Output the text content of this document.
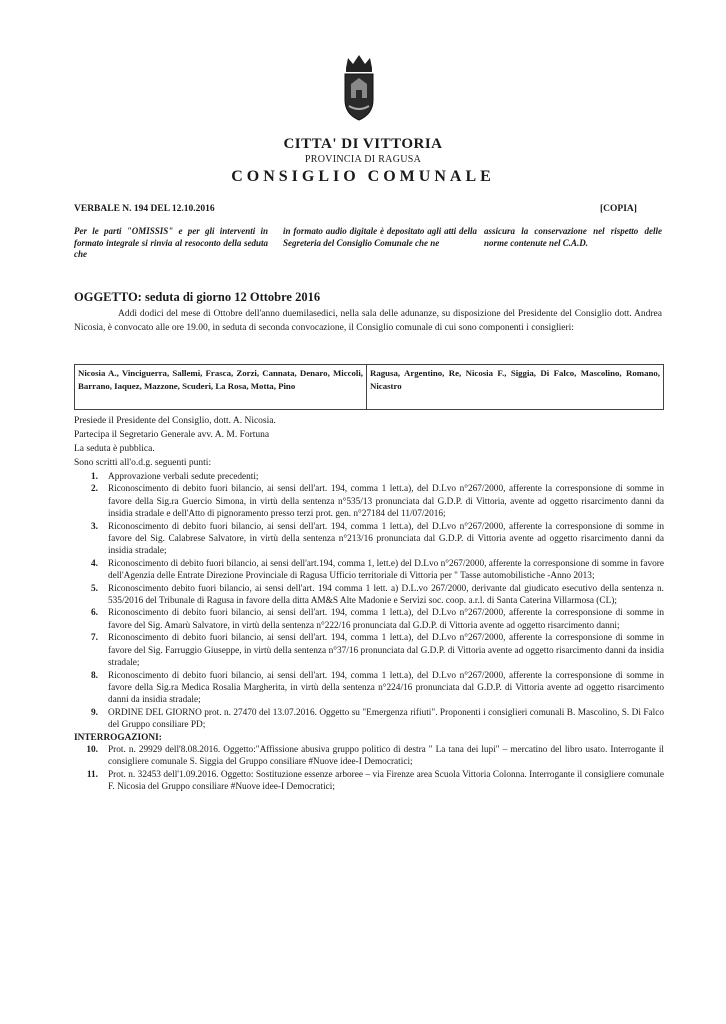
CITTA' DI VITTORIA
PROVINCIA DI RAGUSA
CONSIGLIO COMUNALE
VERBALE N. 194 DEL 12.10.2016	[COPIA]
Per le parti "OMISSIS" e per gli interventi in formato integrale si rinvia al resoconto della seduta che
in formato audio digitale è depositato agli atti della Segreteria del Consiglio Comunale che ne
assicura la conservazione nel rispetto delle norme contenute nel C.A.D.
OGGETTO: seduta di giorno 12 Ottobre 2016
Addì dodici del mese di Ottobre dell'anno duemilasedici, nella sala delle adunanze, su disposizione del Presidente del Consiglio dott. Andrea Nicosia, è convocato alle ore 19.00, in seduta di seconda convocazione, il Consiglio comunale di cui sono componenti i consiglieri:
Nicosia A., Vinciguerra, Sallemi, Frasca, Zorzi, Cannata, Denaro, Miccoli, Barrano, Iaquez, Mazzone, Scuderi, La Rosa, Motta, Pino
Ragusa, Argentino, Re, Nicosia F., Siggia, Di Falco, Mascolino, Romano, Nicastro
Presiede il Presidente del Consiglio, dott. A. Nicosia.
Partecipa il Segretario Generale avv. A. M. Fortuna
La seduta è pubblica.
Sono scritti all'o.d.g. seguenti punti:
1.	Approvazione verbali sedute precedenti;
2.	Riconoscimento di debito fuori bilancio, ai sensi dell'art. 194, comma 1 lett.a), del D.Lvo n°267/2000, afferente la corresponsione di somme in favore della Sig.ra Guercio Simona, in virtù della sentenza n°535/13 pronunciata dal G.D.P. di Vittoria, avente ad oggetto risarcimento danni da insidia stradale e dell'Atto di pignoramento presso terzi prot. gen. n°27184 del 11/07/2016;
3.	Riconoscimento di debito fuori bilancio, ai sensi dell'art. 194, comma 1 lett.a), del D.Lvo n°267/2000, afferente la corresponsione di somme in favore del Sig. Calabrese Salvatore, in virtù della sentenza n°213/16 pronunciata dal G.D.P. di Vittoria avente ad oggetto risarcimento danni da insidia stradale;
4.	Riconoscimento di debito fuori bilancio, ai sensi dell'art.194, comma 1, lett.e) del D.Lvo n°267/2000, afferente la corresponsione di somme in favore dell'Agenzia delle Entrate Direzione Provinciale di Ragusa Ufficio territoriale di Vittoria per " Tasse automobilistiche -Anno 2013;
5.	Riconoscimento debito fuori bilancio, ai sensi dell'art. 194 comma 1 lett. a) D.L.vo 267/2000, derivante dal giudicato esecutivo della sentenza n. 535/2016 del Tribunale di Ragusa in favore della ditta AM&S Alte Madonie e Servizi soc. coop. a.r.l. di Santa Caterina Villarmosa (CL);
6.	Riconoscimento di debito fuori bilancio, ai sensi dell'art. 194, comma 1 lett.a), del D.Lvo n°267/2000, afferente la corresponsione di somme in favore del Sig. Amarù Salvatore, in virtù della sentenza n°222/16 pronunciata dal G.D.P. di Vittoria avente ad oggetto risarcimento danni;
7.	Riconoscimento di debito fuori bilancio, ai sensi dell'art. 194, comma 1 lett.a), del D.Lvo n°267/2000, afferente la corresponsione di somme in favore del Sig. Farruggio Giuseppe, in virtù della sentenza n°37/16 pronunciata dal G.D.P. di Vittoria avente ad oggetto risarcimento danni da insidia stradale;
8.	Riconoscimento di debito fuori bilancio, ai sensi dell'art. 194, comma 1 lett.a), del D.Lvo n°267/2000, afferente la corresponsione di somme in favore della Sig.ra Medica Rosalia Margherita, in virtù della sentenza n°224/16 pronunciata dal G.D.P. di Vittoria avente ad oggetto risarcimento danni da insidia stradale;
9.	ORDINE DEL GIORNO prot. n. 27470 del 13.07.2016. Oggetto su "Emergenza rifiuti". Proponenti i consiglieri comunali B. Mascolino, S. Di Falco del Gruppo consiliare PD;
INTERROGAZIONI:
10.	Prot. n. 29929 dell'8.08.2016. Oggetto:"Affissione abusiva gruppo politico di destra " La tana dei lupi" – mercatino del libro usato. Interrogante il consigliere comunale S. Siggia del Gruppo consiliare #Nuove idee-I Democratici;
11.	Prot. n. 32453 dell'1.09.2016. Oggetto: Sostituzione essenze arboree – via Firenze area Scuola Vittoria Colonna. Interrogante il consigliere comunale F. Nicosia del Gruppo consiliare #Nuove idee-I Democratici;
